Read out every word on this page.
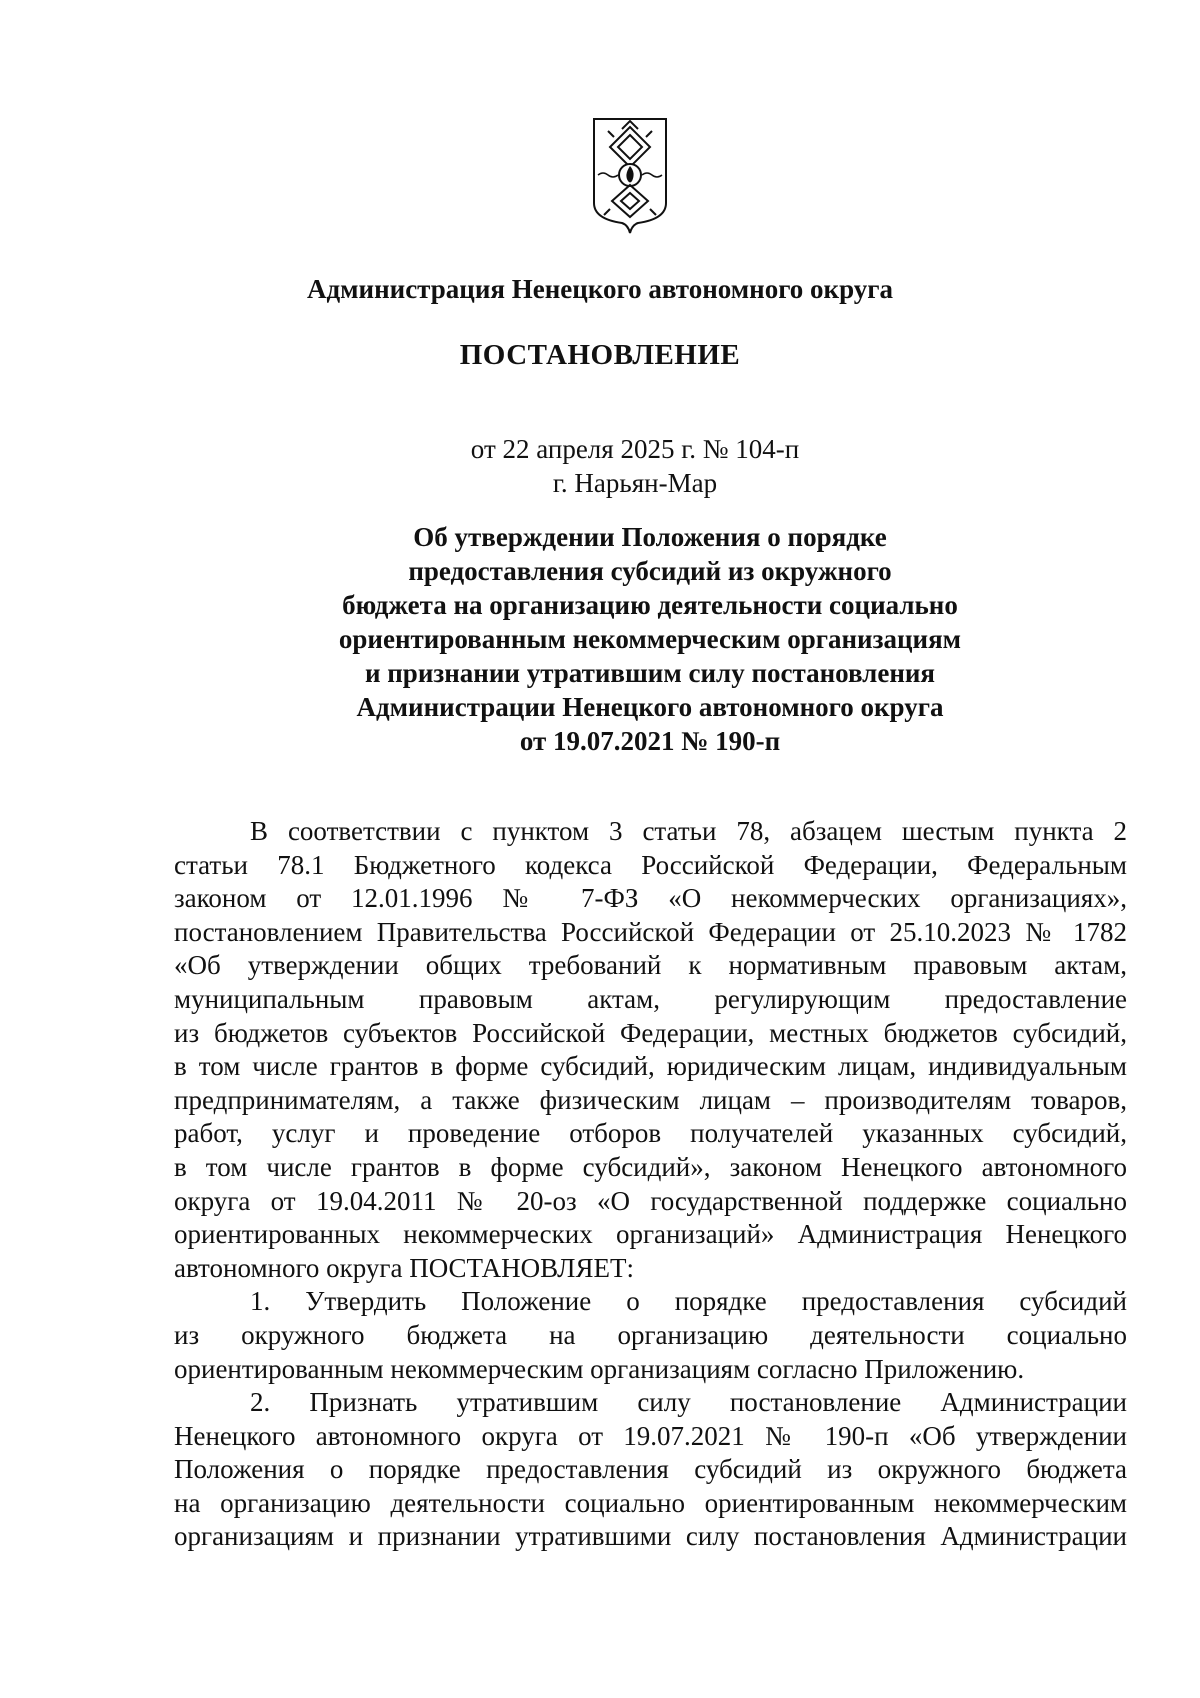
Администрация Ненецкого автономного округа
ПОСТАНОВЛЕНИЕ
от 22 апреля 2025 г. № 104-п
г. Нарьян-Мар
Об утверждении Положения о порядке
предоставления субсидий из окружного
бюджета на организацию деятельности социально
ориентированным некоммерческим организациям
и признании утратившим силу постановления
Администрации Ненецкого автономного округа
от 19.07.2021 № 190-п
В соответствии с пунктом 3 статьи 78, абзацем шестым пункта 2
статьи 78.1 Бюджетного кодекса Российской Федерации, Федеральным
законом от 12.01.1996 № 7-ФЗ «О некоммерческих организациях»,
постановлением Правительства Российской Федерации от 25.10.2023 № 1782
«Об утверждении общих требований к нормативным правовым актам,
муниципальным правовым актам, регулирующим предоставление
из бюджетов субъектов Российской Федерации, местных бюджетов субсидий,
в том числе грантов в форме субсидий, юридическим лицам, индивидуальным
предпринимателям, а также физическим лицам – производителям товаров,
работ, услуг и проведение отборов получателей указанных субсидий,
в том числе грантов в форме субсидий», законом Ненецкого автономного
округа от 19.04.2011 № 20-оз «О государственной поддержке социально
ориентированных некоммерческих организаций» Администрация Ненецкого
автономного округа ПОСТАНОВЛЯЕТ:
1. Утвердить Положение о порядке предоставления субсидий
из окружного бюджета на организацию деятельности социально
ориентированным некоммерческим организациям согласно Приложению.
2. Признать утратившим силу постановление Администрации
Ненецкого автономного округа от 19.07.2021 № 190-п «Об утверждении
Положения о порядке предоставления субсидий из окружного бюджета
на организацию деятельности социально ориентированным некоммерческим
организациям и признании утратившими силу постановления Администрации
